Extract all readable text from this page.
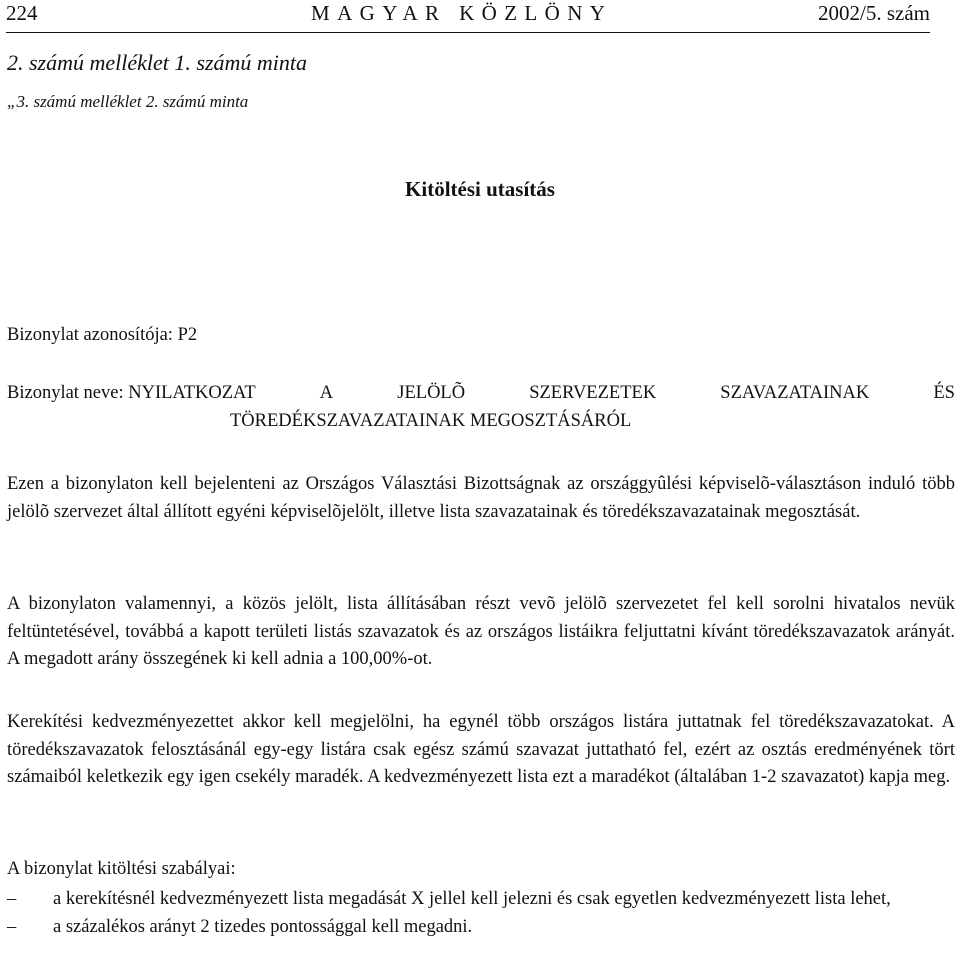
224	MAGYAR KÖZLÖNY	2002/5. szám
2. számú melléklet 1. számú minta
„3. számú melléklet 2. számú minta
Kitöltési utasítás
Bizonylat azonosítója: P2
Bizonylat neve: NYILATKOZAT	A	JELÖLÕ	SZERVEZETEK	SZAVAZATAINAK	ÉS
TÖREDÉKSZAVAZATAINAK MEGOSZTÁSÁRÓL
Ezen a bizonylaton kell bejelenteni az Országos Választási Bizottságnak az országgyûlési képviselõ-választáson induló több jelölõ szervezet által állított egyéni képviselõjelölt, illetve lista szavazatainak és töredékszavazatainak megosztását.
A bizonylaton valamennyi, a közös jelölt, lista állításában részt vevõ jelölõ szervezetet fel kell sorolni hivatalos nevük feltüntetésével, továbbá a kapott területi listás szavazatok és az országos listáikra feljuttatni kívánt töredékszavazatok arányát. A megadott arány összegének ki kell adnia a 100,00%-ot.
Kerekítési kedvezményezettet akkor kell megjelölni, ha egynél több országos listára juttatnak fel töredékszavazatokat. A töredékszavazatok felosztásánál egy-egy listára csak egész számú szavazat juttatható fel, ezért az osztás eredményének tört számaiból keletkezik egy igen csekély maradék. A kedvezményezett lista ezt a maradékot (általában 1-2 szavazatot) kapja meg.
A bizonylat kitöltési szabályai:
– a kerekítésnél kedvezményezett lista megadását X jellel kell jelezni és csak egyetlen kedvezményezett lista lehet,
– a százalékos arányt 2 tizedes pontossággal kell megadni.
